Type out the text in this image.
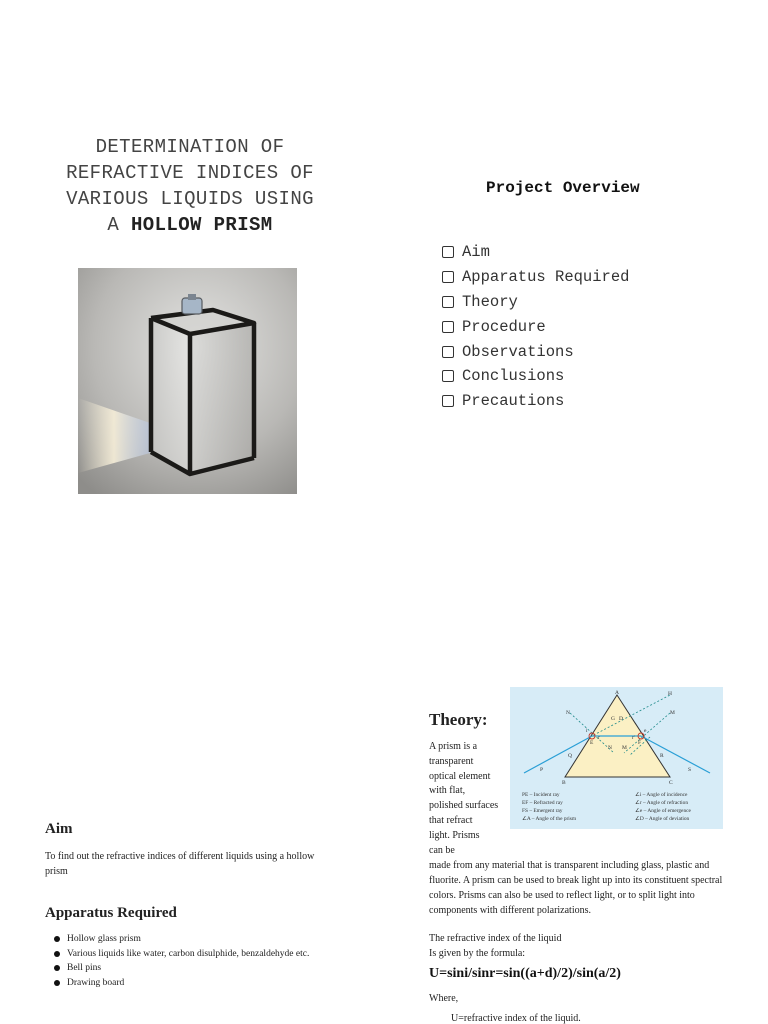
DETERMINATION OF
REFRACTIVE INDICES OF
VARIOUS LIQUIDS USING
A HOLLOW PRISM
Project Overview
Aim
Apparatus Required
Theory
Procedure
Observations
Conclusions
Precautions
Aim
To find out the refractive indices of different liquids using a hollow prism
Apparatus Required
Hollow glass prism
Various liquids like water, carbon disulphide, benzaldehyde etc.
Bell pins
Drawing board
Theory:
A prism is a
transparent
optical element
with flat,
polished surfaces
that refract
light. Prisms
can be
made from any material that is transparent including glass, plastic and fluorite. A prism can be used to break light up into its constituent spectral colors. Prisms can also be used to reflect light, or to split light into components with different polarizations.
The refractive index of the liquid
Is given by the formula:
U=sini/sinr=sin((a+d)/2)/sin(a/2)
Where,
U=refractive index of the liquid.
A
B	C
P
Q
E	F
R
S
H
N	M
N M
G D
i
r	r'
e
PE – Incident ray
EF – Refracted ray
FS – Emergent ray
∠A – Angle of the prism
∠i – Angle of incidence
∠r – Angle of refraction
∠e – Angle of emergence
∠D – Angle of deviation
